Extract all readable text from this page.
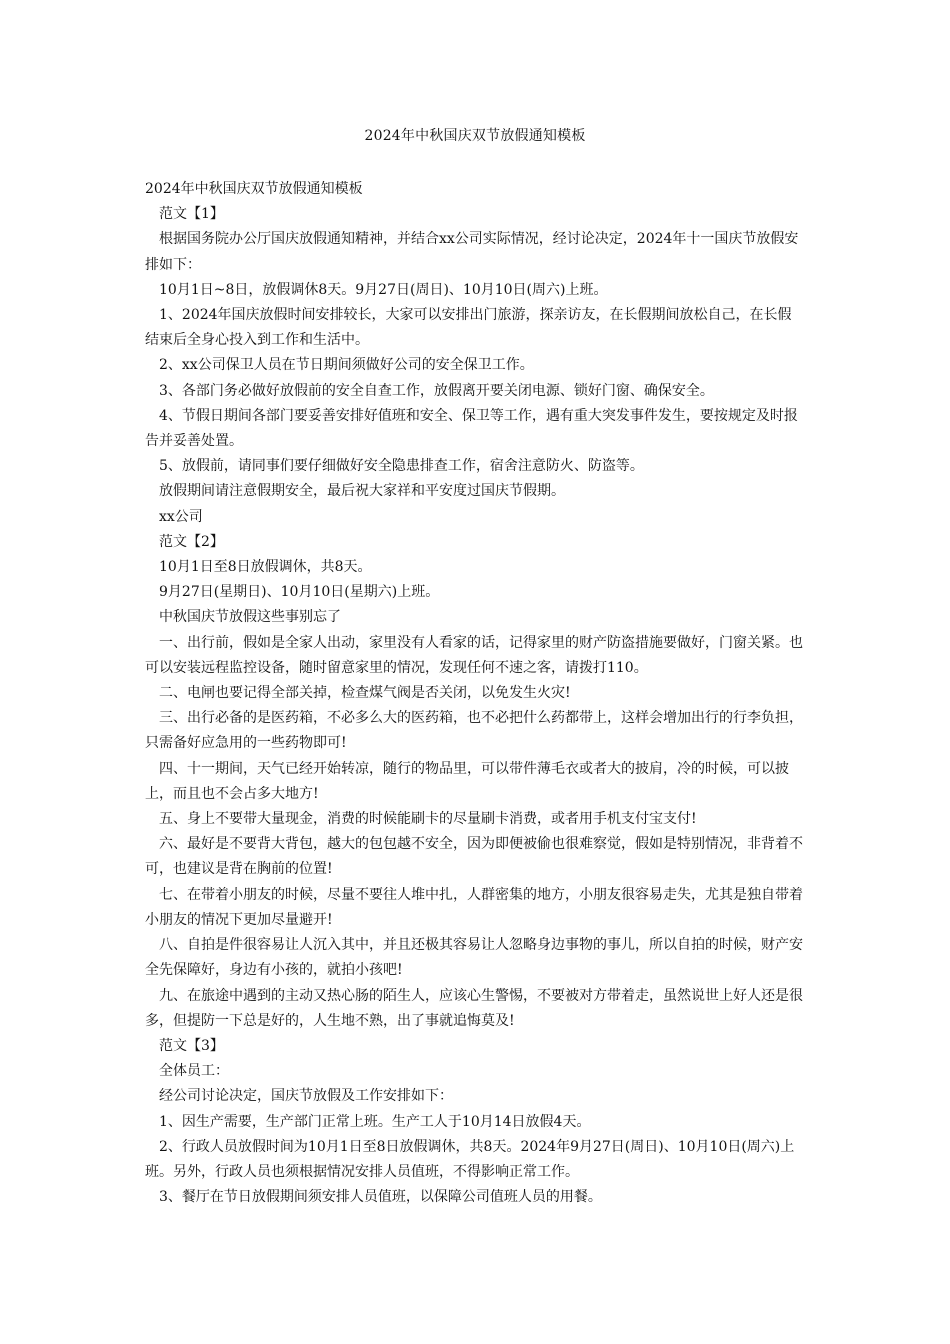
2024年中秋国庆双节放假通知模板

2024年中秋国庆双节放假通知模板

范文【1】

根据国务院办公厅国庆放假通知精神，并结合xx公司实际情况，经讨论决定，2024年十一国庆节放假安排如下：

10月1日~8日，放假调休8天。9月27日(周日)、10月10日(周六)上班。

1、2024年国庆放假时间安排较长，大家可以安排出门旅游，探亲访友，在长假期间放松自己，在长假结束后全身心投入到工作和生活中。

2、xx公司保卫人员在节日期间须做好公司的安全保卫工作。

3、各部门务必做好放假前的安全自查工作，放假离开要关闭电源、锁好门窗、确保安全。

4、节假日期间各部门要妥善安排好值班和安全、保卫等工作，遇有重大突发事件发生，要按规定及时报告并妥善处置。

5、放假前，请同事们要仔细做好安全隐患排查工作，宿舍注意防火、防盗等。

放假期间请注意假期安全，最后祝大家祥和平安度过国庆节假期。

xx公司

范文【2】

10月1日至8日放假调休，共8天。

9月27日(星期日)、10月10日(星期六)上班。

中秋国庆节放假这些事别忘了

一、出行前，假如是全家人出动，家里没有人看家的话，记得家里的财产防盗措施要做好，门窗关紧。也可以安装远程监控设备，随时留意家里的情况，发现任何不速之客，请拨打110。

二、电闸也要记得全部关掉，检查煤气阀是否关闭，以免发生火灾!

三、出行必备的是医药箱，不必多么大的医药箱，也不必把什么药都带上，这样会增加出行的行李负担，只需备好应急用的一些药物即可!

四、十一期间，天气已经开始转凉，随行的物品里，可以带件薄毛衣或者大的披肩，冷的时候，可以披上，而且也不会占多大地方!

五、身上不要带大量现金，消费的时候能刷卡的尽量刷卡消费，或者用手机支付宝支付!

六、最好是不要背大背包，越大的包包越不安全，因为即便被偷也很难察觉，假如是特别情况，非背着不可，也建议是背在胸前的位置!

七、在带着小朋友的时候，尽量不要往人堆中扎，人群密集的地方，小朋友很容易走失，尤其是独自带着小朋友的情况下更加尽量避开!

八、自拍是件很容易让人沉入其中，并且还极其容易让人忽略身边事物的事儿，所以自拍的时候，财产安全先保障好，身边有小孩的，就拍小孩吧!

九、在旅途中遇到的主动又热心肠的陌生人，应该心生警惕，不要被对方带着走，虽然说世上好人还是很多，但提防一下总是好的，人生地不熟，出了事就追悔莫及!

范文【3】

全体员工：

经公司讨论决定，国庆节放假及工作安排如下：

1、因生产需要，生产部门正常上班。生产工人于10月14日放假4天。

2、行政人员放假时间为10月1日至8日放假调休，共8天。2024年9月27日(周日)、10月10日(周六)上班。另外，行政人员也须根据情况安排人员值班，不得影响正常工作。

3、餐厅在节日放假期间须安排人员值班，以保障公司值班人员的用餐。
